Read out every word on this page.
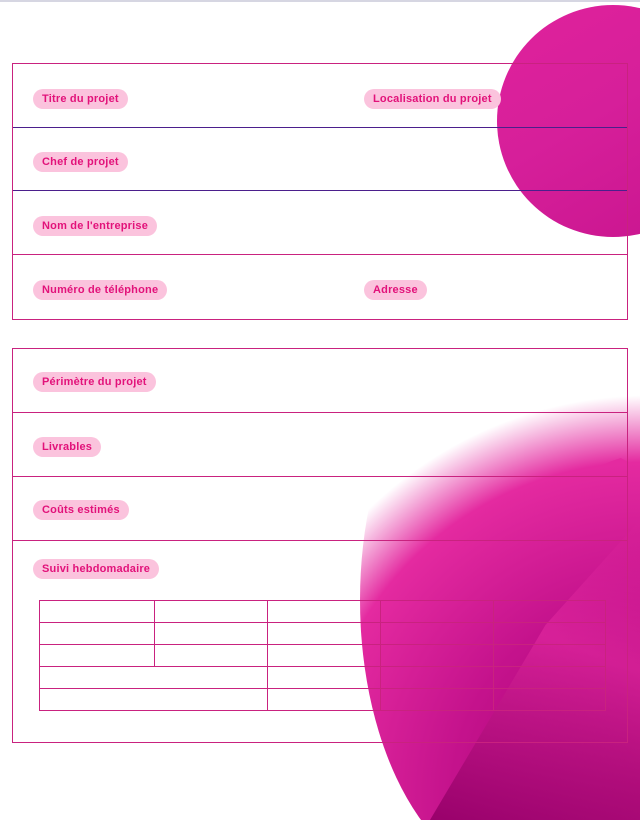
Titre du projet	Localisation du projet
Chef de projet
Nom de l'entreprise
Numéro de téléphone	Adresse
Périmètre du projet
Livrables
Coûts estimés
Suivi hebdomadaire
